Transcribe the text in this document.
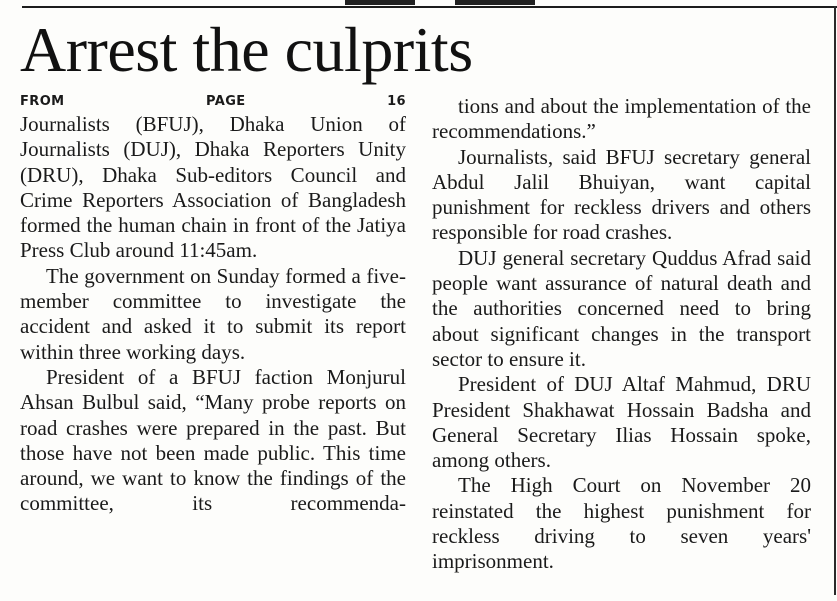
Arrest the culprits

FROM PAGE 16

Journalists (BFUJ), Dhaka Union of Journalists (DUJ), Dhaka Reporters Unity (DRU), Dhaka Sub-editors Council and Crime Reporters Association of Bangladesh formed the human chain in front of the Jatiya Press Club around 11:45am.

The government on Sunday formed a five-member committee to investigate the accident and asked it to submit its report within three working days.

President of a BFUJ faction Monjurul Ahsan Bulbul said, “Many probe reports on road crashes were prepared in the past. But those have not been made public. This time around, we want to know the findings of the committee, its recommenda-

tions and about the implementation of the recommendations.”

Journalists, said BFUJ secretary general Abdul Jalil Bhuiyan, want capital punishment for reckless drivers and others responsible for road crashes.

DUJ general secretary Quddus Afrad said people want assurance of natural death and the authorities concerned need to bring about significant changes in the transport sector to ensure it.

President of DUJ Altaf Mahmud, DRU President Shakhawat Hossain Badsha and General Secretary Ilias Hossain spoke, among others.

The High Court on November 20 reinstated the highest punishment for reckless driving to seven years' imprisonment.
